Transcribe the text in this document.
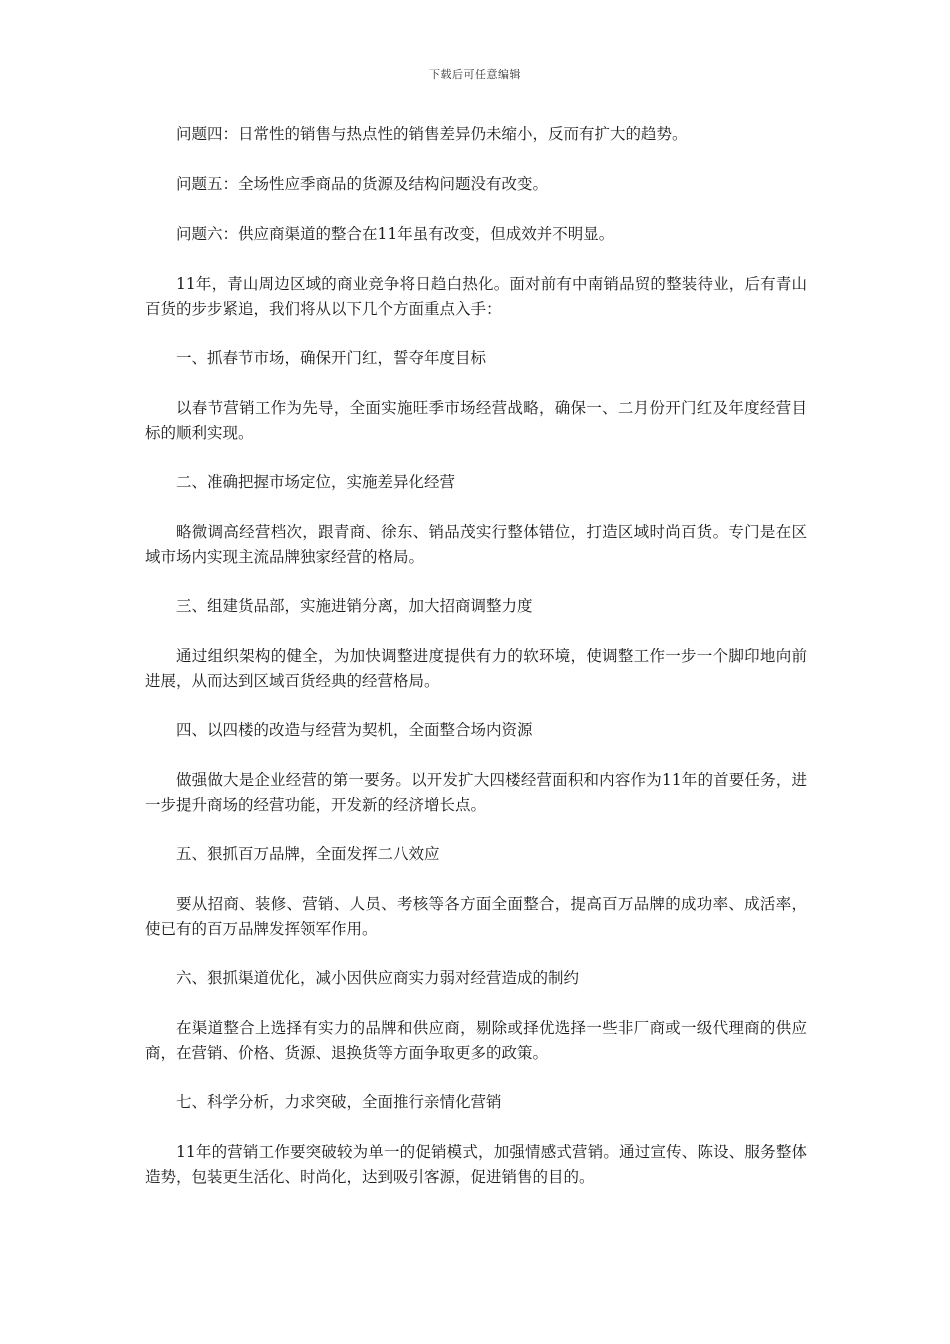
下载后可任意编辑

问题四：日常性的销售与热点性的销售差异仍未缩小，反而有扩大的趋势。

问题五：全场性应季商品的货源及结构问题没有改变。

问题六：供应商渠道的整合在11年虽有改变，但成效并不明显。

11年，青山周边区域的商业竞争将日趋白热化。面对前有中南销品贸的整装待业，后有青山百货的步步紧追，我们将从以下几个方面重点入手：

一、抓春节市场，确保开门红，誓夺年度目标

以春节营销工作为先导，全面实施旺季市场经营战略，确保一、二月份开门红及年度经营目标的顺利实现。

二、准确把握市场定位，实施差异化经营

略微调高经营档次，跟青商、徐东、销品茂实行整体错位，打造区域时尚百货。专门是在区域市场内实现主流品牌独家经营的格局。

三、组建货品部，实施进销分离，加大招商调整力度

通过组织架构的健全，为加快调整进度提供有力的软环境，使调整工作一步一个脚印地向前进展，从而达到区域百货经典的经营格局。

四、以四楼的改造与经营为契机，全面整合场内资源

做强做大是企业经营的第一要务。以开发扩大四楼经营面积和内容作为11年的首要任务，进一步提升商场的经营功能，开发新的经济增长点。

五、狠抓百万品牌，全面发挥二八效应

要从招商、装修、营销、人员、考核等各方面全面整合，提高百万品牌的成功率、成活率，使已有的百万品牌发挥领军作用。

六、狠抓渠道优化，减小因供应商实力弱对经营造成的制约

在渠道整合上选择有实力的品牌和供应商，剔除或择优选择一些非厂商或一级代理商的供应商，在营销、价格、货源、退换货等方面争取更多的政策。

七、科学分析，力求突破，全面推行亲情化营销

11年的营销工作要突破较为单一的促销模式，加强情感式营销。通过宣传、陈设、服务整体造势，包装更生活化、时尚化，达到吸引客源，促进销售的目的。
